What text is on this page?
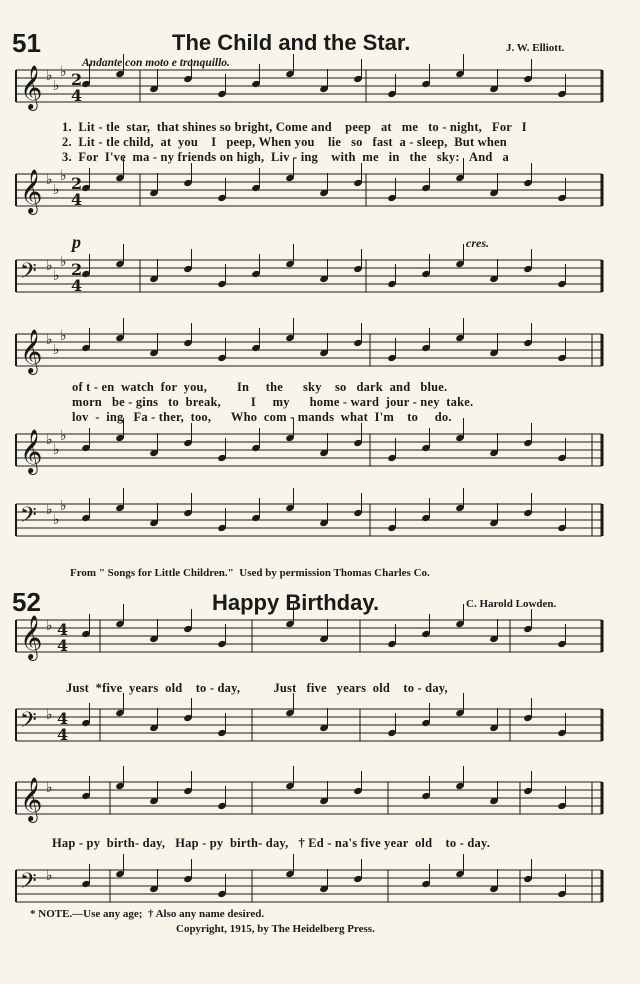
51	The Child and the Star.	J. W. Elliott.
Andante con moto e tranquillo.
𝄞 ♭
♭
♭ 2
4
1.  Lit - tle  star,  that shines so bright, Come and    peep   at   me   to - night,   For   I
2.  Lit - tle child,  at  you    I   peep, When you    lie   so   fast  a - sleep,  But when
3.  For  I've  ma - ny friends on high,  Liv - ing    with  me   in   the   sky:   And   a
𝄞 ♭
♭
♭ 2
4
p	cres.
𝄢 ♭
♭
♭ 2
4
𝄞 ♭
♭
♭
of t - en  watch  for  you,         In     the      sky    so   dark  and   blue.
morn   be - gins   to  break,         I     my      home - ward  jour - ney  take.
lov  -  ing   Fa - ther,  too,      Who  com - mands  what  I'm    to     do.
𝄞 ♭
♭
♭
𝄢 ♭
♭
♭
From " Songs for Little Children."  Used by permission Thomas Charles Co.
52	Happy Birthday.	C. Harold Lowden.
𝄞 ♭ 4
4
Just  *five  years  old    to - day,          Just   five   years  old    to - day,
𝄢 ♭ 4
4
𝄞 ♭
Hap - py  birth- day,   Hap - py  birth- day,   † Ed - na's five year  old    to - day.
𝄢 ♭
* NOTE.—Use any age;  † Also any name desired.
Copyright, 1915, by The Heidelberg Press.
